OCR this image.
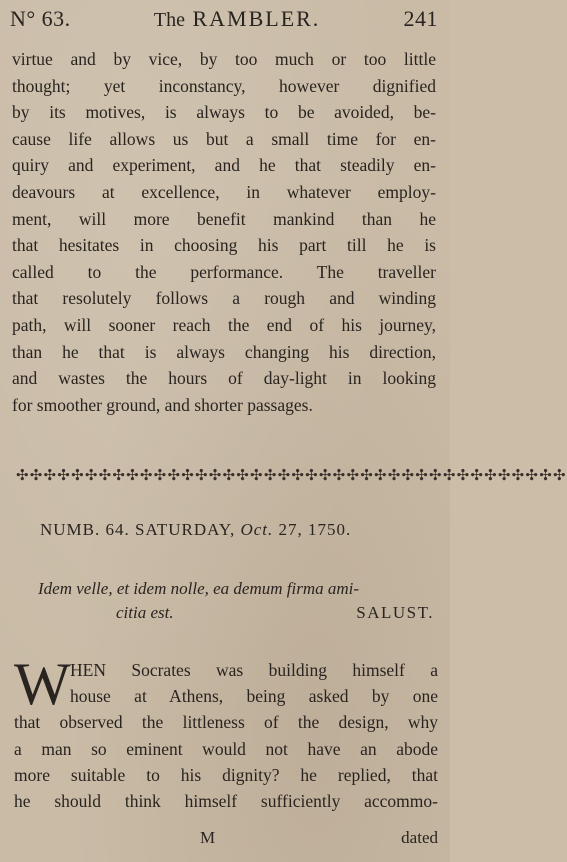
N° 63.	The RAMBLER.	241
virtue and by vice, by too much or too little
thought; yet inconstancy, however dignified
by its motives, is always to be avoided, be-
cause life allows us but a small time for en-
quiry and experiment, and he that steadily en-
deavours at excellence, in whatever employ-
ment, will more benefit mankind than he
that hesitates in choosing his part till he is
called to the performance. The traveller
that resolutely follows a rough and winding
path, will sooner reach the end of his journey,
than he that is always changing his direction,
and wastes the hours of day-light in looking
for smoother ground, and shorter passages.
✣✣✣✣✣✣✣✣✣✣✣✣✣✣✣✣✣✣✣✣✣✣✣✣✣✣✣✣✣✣✣✣✣✣✣✣✣✣✣✣
NUMB. 64. SATURDAY, Oct. 27, 1750.
Idem velle, et idem nolle, ea demum firma ami-
citia est.	SALUST.
W HEN Socrates was building himself a
house at Athens, being asked by one
that observed the littleness of the design, why
a man so eminent would not have an abode
more suitable to his dignity? he replied, that
he should think himself sufficiently accommo-
M	dated
